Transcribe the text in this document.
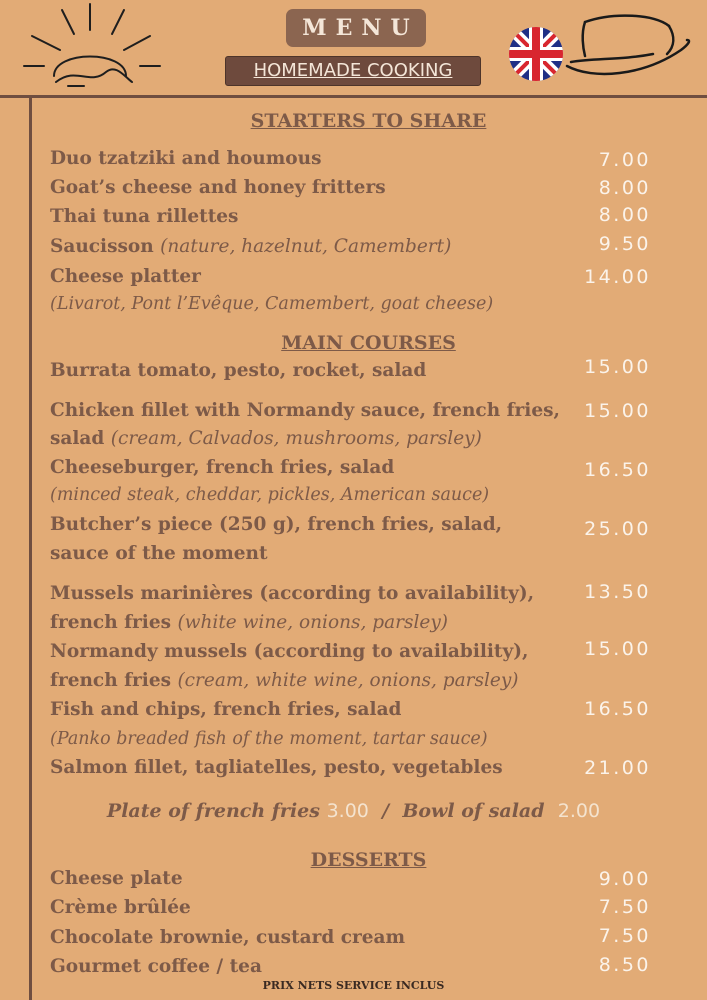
MENU
HOMEMADE COOKING
STARTERS TO SHARE
Duo tzatziki and houmous	7.00
Goat’s cheese and honey fritters	8.00
Thai tuna rillettes	8.00
Saucisson (nature, hazelnut, Camembert)	9.50
Cheese platter	14.00
(Livarot, Pont l’Evêque, Camembert, goat cheese)
MAIN COURSES
Burrata tomato, pesto, rocket, salad	15.00
Chicken fillet with Normandy sauce, french fries, 15.00
salad (cream, Calvados, mushrooms, parsley)
Cheeseburger, french fries, salad	16.50
(minced steak, cheddar, pickles, American sauce)
Butcher’s piece (250 g), french fries, salad,	25.00
sauce of the moment
Mussels marinières (according to availability),	13.50
french fries (white wine, onions, parsley)
Normandy mussels (according to availability),	15.00
french fries (cream, white wine, onions, parsley)
Fish and chips, french fries, salad	16.50
(Panko breaded fish of the moment, tartar sauce)
Salmon fillet, tagliatelles, pesto, vegetables	21.00
Plate of french fries 3.00 / Bowl of salad 2.00
DESSERTS
Cheese plate	9.00
Crème brûlée	7.50
Chocolate brownie, custard cream	7.50
Gourmet coffee / tea	8.50
PRIX NETS SERVICE INCLUS
